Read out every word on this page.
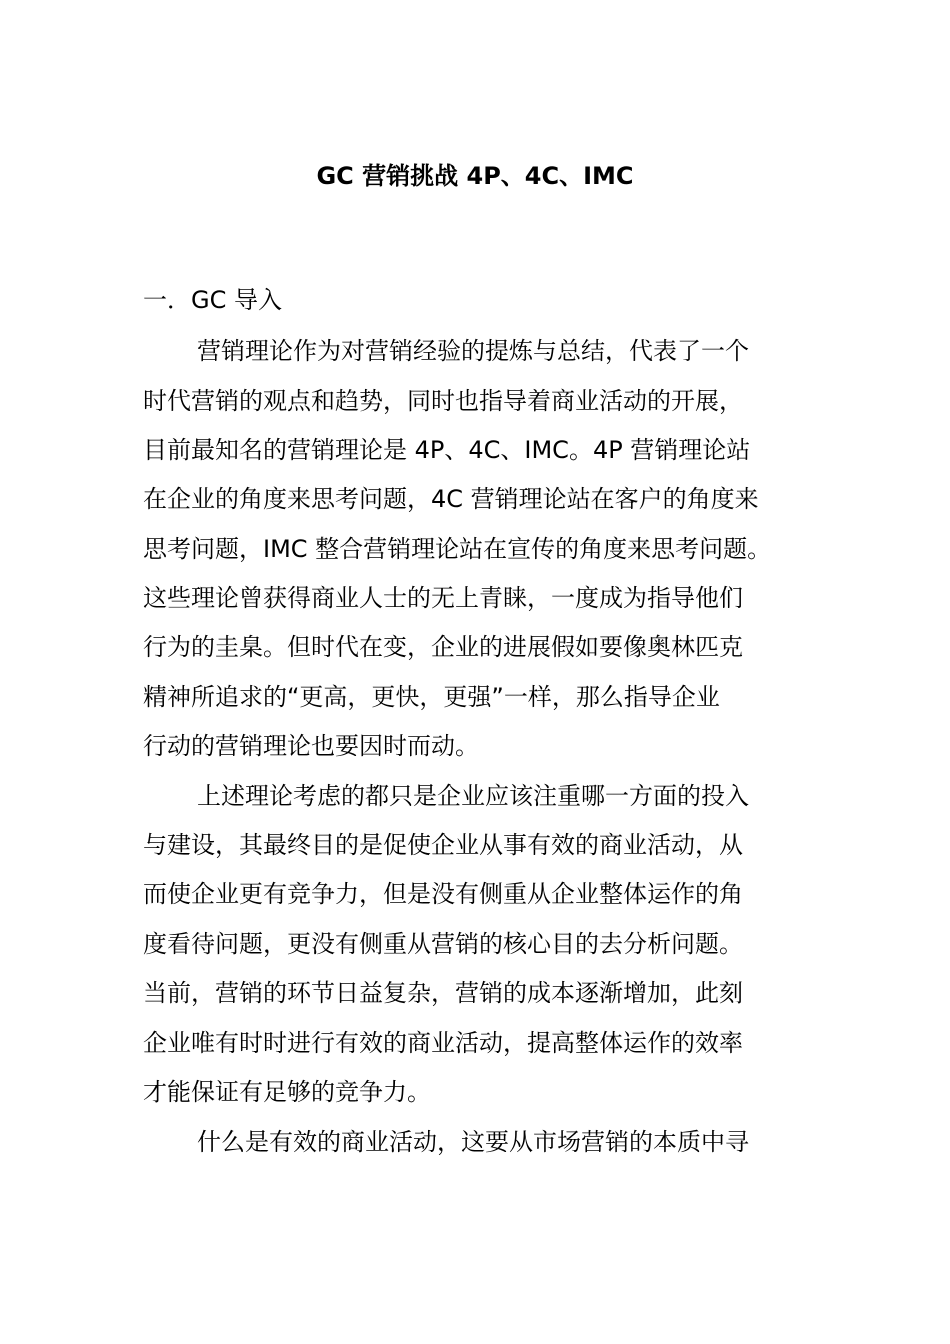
GC 营销挑战 4P、4C、IMC
一．GC 导入
营销理论作为对营销经验的提炼与总结，代表了一个
时代营销的观点和趋势，同时也指导着商业活动的开展，
目前最知名的营销理论是 4P、4C、IMC。4P 营销理论站
在企业的角度来思考问题，4C 营销理论站在客户的角度来
思考问题，IMC 整合营销理论站在宣传的角度来思考问题。
这些理论曾获得商业人士的无上青睐，一度成为指导他们
行为的圭臬。但时代在变，企业的进展假如要像奥林匹克
精神所追求的“更高，更快，更强”一样，那么指导企业
行动的营销理论也要因时而动。
上述理论考虑的都只是企业应该注重哪一方面的投入
与建设，其最终目的是促使企业从事有效的商业活动，从
而使企业更有竞争力，但是没有侧重从企业整体运作的角
度看待问题，更没有侧重从营销的核心目的去分析问题。
当前，营销的环节日益复杂，营销的成本逐渐增加，此刻
企业唯有时时进行有效的商业活动，提高整体运作的效率
才能保证有足够的竞争力。
什么是有效的商业活动，这要从市场营销的本质中寻
